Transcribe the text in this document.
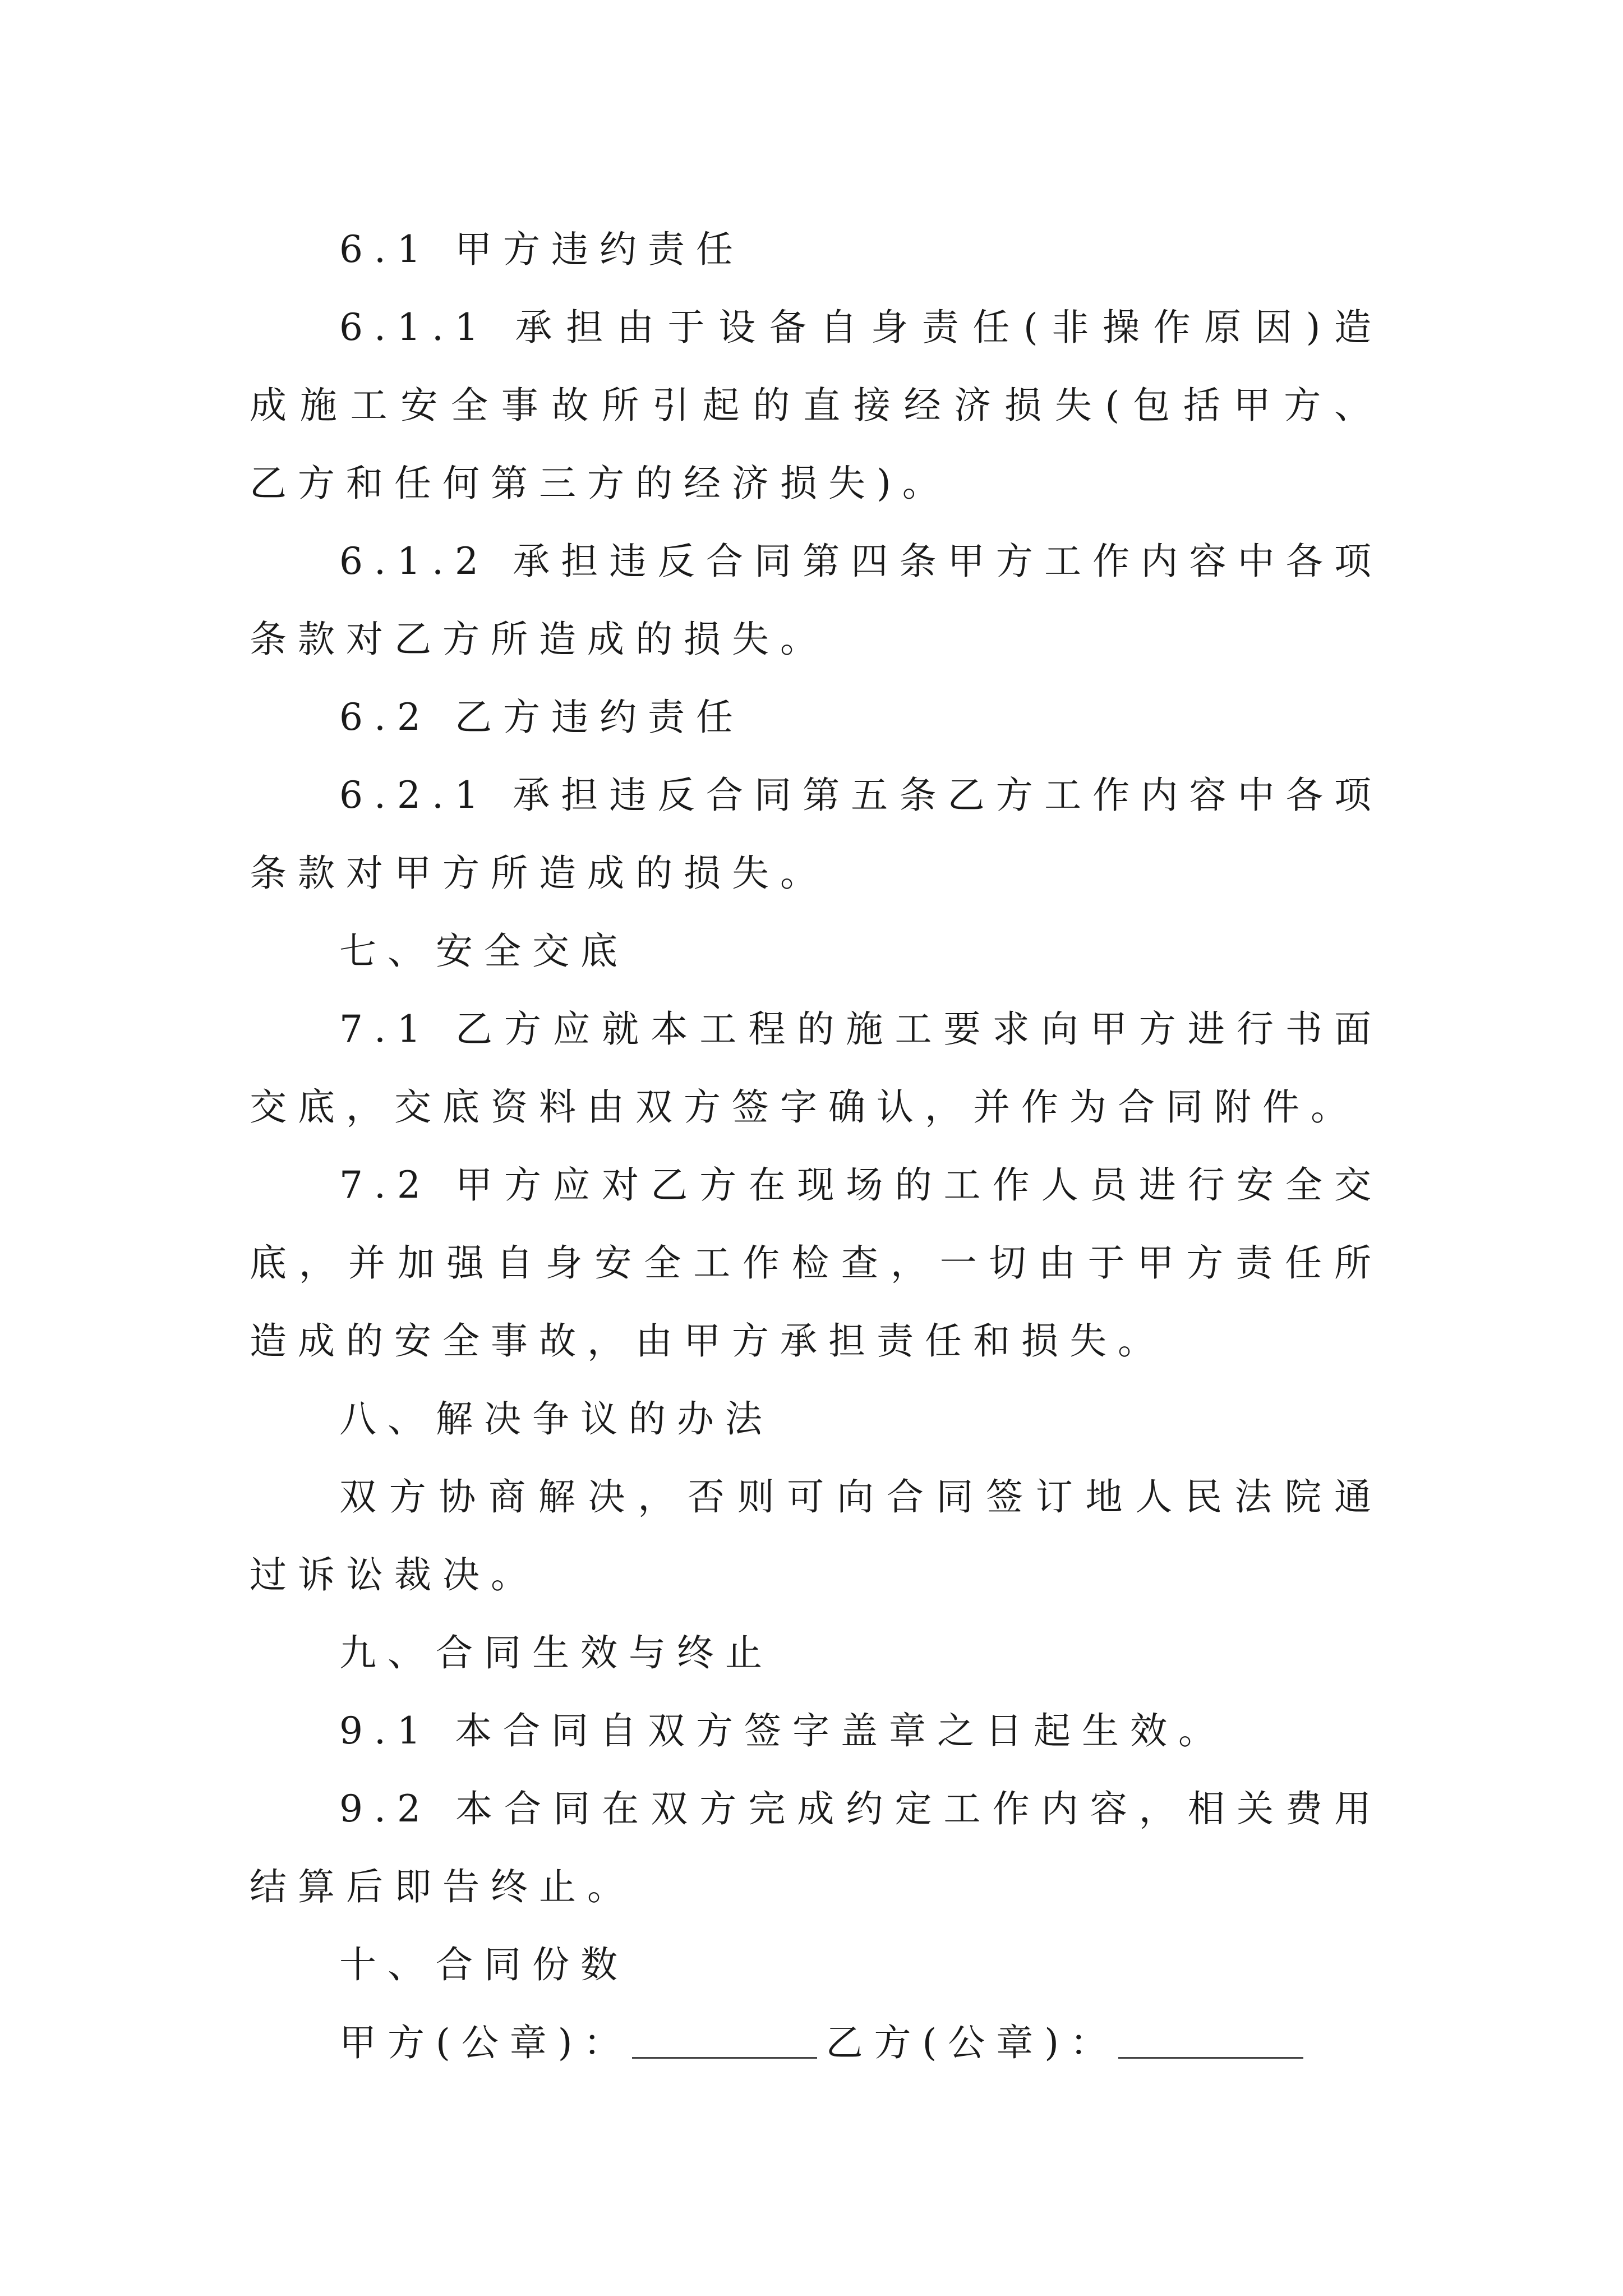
6.1 甲方违约责任

6.1.1 承担由于设备自身责任(非操作原因)造成施工安全事故所引起的直接经济损失(包括甲方、乙方和任何第三方的经济损失)。

6.1.2 承担违反合同第四条甲方工作内容中各项条款对乙方所造成的损失。

6.2 乙方违约责任

6.2.1 承担违反合同第五条乙方工作内容中各项条款对甲方所造成的损失。

七、安全交底

7.1 乙方应就本工程的施工要求向甲方进行书面交底，交底资料由双方签字确认，并作为合同附件。

7.2 甲方应对乙方在现场的工作人员进行安全交底，并加强自身安全工作检查，一切由于甲方责任所造成的安全事故，由甲方承担责任和损失。

八、解决争议的办法

双方协商解决，否则可向合同签订地人民法院通过诉讼裁决。

九、合同生效与终止

9.1 本合同自双方签字盖章之日起生效。

9.2 本合同在双方完成约定工作内容，相关费用结算后即告终止。

十、合同份数

甲方(公章)：	乙方(公章)：
